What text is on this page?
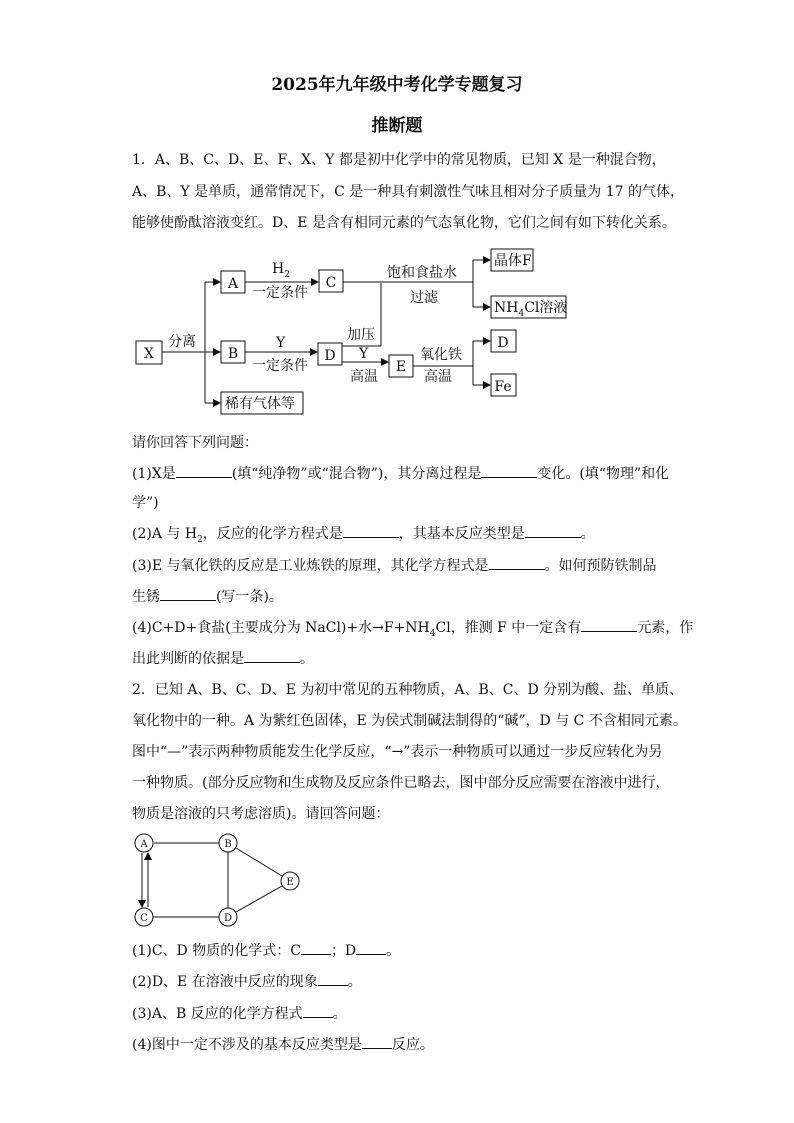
2025年九年级中考化学专题复习
推断题
1．A、B、C、D、E、F、X、Y 都是初中化学中的常见物质，已知 X 是一种混合物，
A、B、Y 是单质，通常情况下，C 是一种具有刺激性气味且相对分子质量为 17 的气体，
能够使酚酞溶液变红。D、E 是含有相同元素的气态氧化物，它们之间有如下转化关系。
X
A
B
C
D
E
D
Fe
晶体F
$NH_4Cl$溶液
稀有气体等
分离
$H_2$
一定条件
Y
一定条件
饱和食盐水
过滤
加压
Y
高温
氧化铁
高温
A	B
C	D
E
请你回答下列问题：
(1)X是	(填“纯净物”或“混合物”)，其分离过程是	变化。(填“物理”和化
学”)
(2)A 与 $H_2$，反应的化学方程式是	，其基本反应类型是	。
(3)E 与氧化铁的反应是工业炼铁的原理，其化学方程式是	。如何预防铁制品
生锈	(写一条)。
(4)C+D+食盐(主要成分为 NaCl)+水$\to F+NH_4Cl$，推测 F 中一定含有	元素，作
出此判断的依据是	。
2．已知 A、B、C、D、E 为初中常见的五种物质，A、B、C、D 分别为酸、盐、单质、
氧化物中的一种。A 为紫红色固体，E 为侯式制碱法制得的“碱”，D 与 C 不含相同元素。
图中“—”表示两种物质能发生化学反应，“→”表示一种物质可以通过一步反应转化为另
一种物质。(部分反应物和生成物及反应条件已略去，图中部分反应需要在溶液中进行，
物质是溶液的只考虑溶质)。请回答问题：
(1)C、D 物质的化学式：C ；D 。
(2)D、E 在溶液中反应的现象 。
(3)A、B 反应的化学方程式 。
(4)图中一定不涉及的基本反应类型是 反应。
